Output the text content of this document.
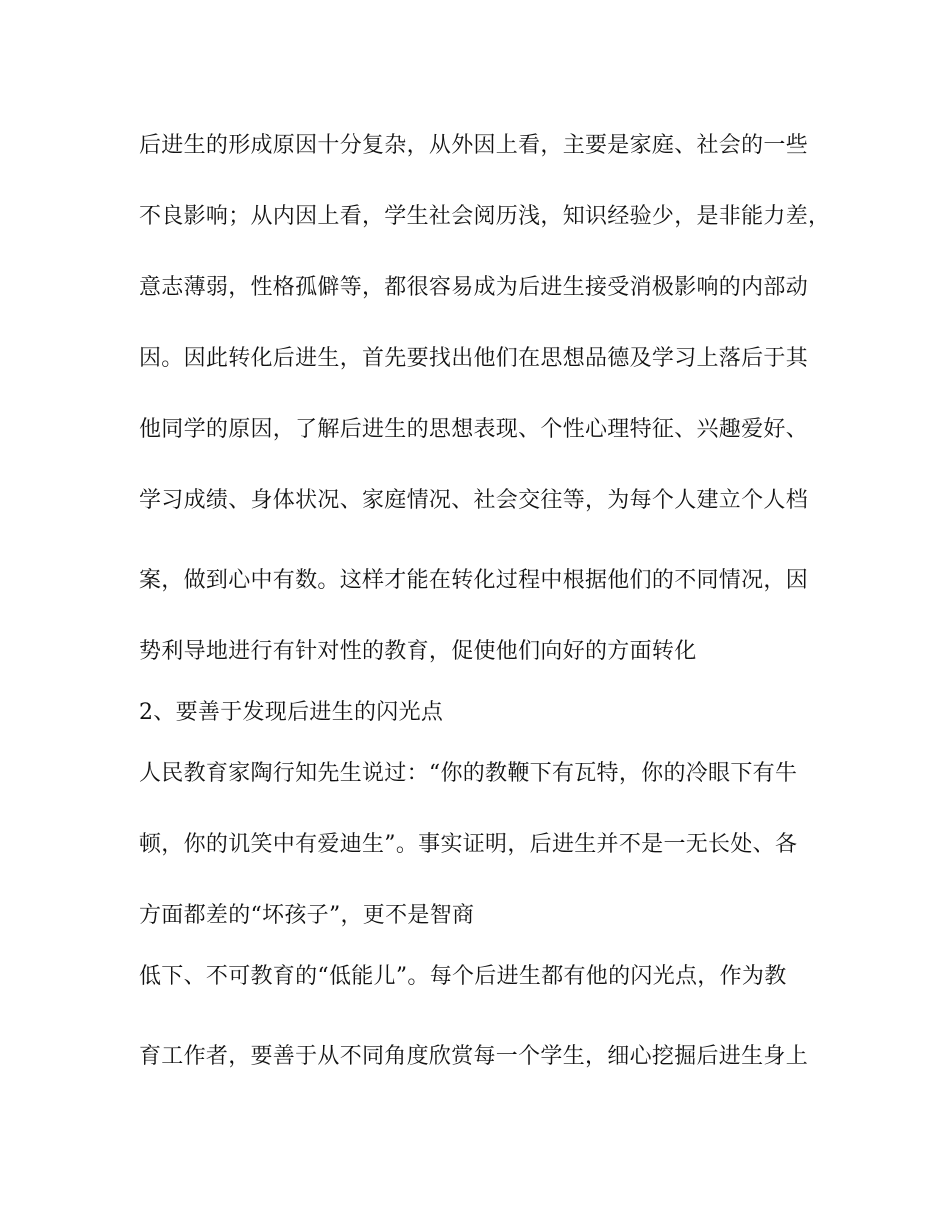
后进生的形成原因十分复杂，从外因上看，主要是家庭、社会的一些
不良影响；从内因上看，学生社会阅历浅，知识经验少，是非能力差，
意志薄弱，性格孤僻等，都很容易成为后进生接受消极影响的内部动
因。因此转化后进生，首先要找出他们在思想品德及学习上落后于其
他同学的原因，了解后进生的思想表现、个性心理特征、兴趣爱好、
学习成绩、身体状况、家庭情况、社会交往等，为每个人建立个人档
案，做到心中有数。这样才能在转化过程中根据他们的不同情况，因
势利导地进行有针对性的教育，促使他们向好的方面转化
2、要善于发现后进生的闪光点
人民教育家陶行知先生说过：“你的教鞭下有瓦特，你的冷眼下有牛
顿，你的讥笑中有爱迪生”。事实证明，后进生并不是一无长处、各
方面都差的“坏孩子”，更不是智商
低下、不可教育的“低能儿”。每个后进生都有他的闪光点，作为教
育工作者，要善于从不同角度欣赏每一个学生，细心挖掘后进生身上
